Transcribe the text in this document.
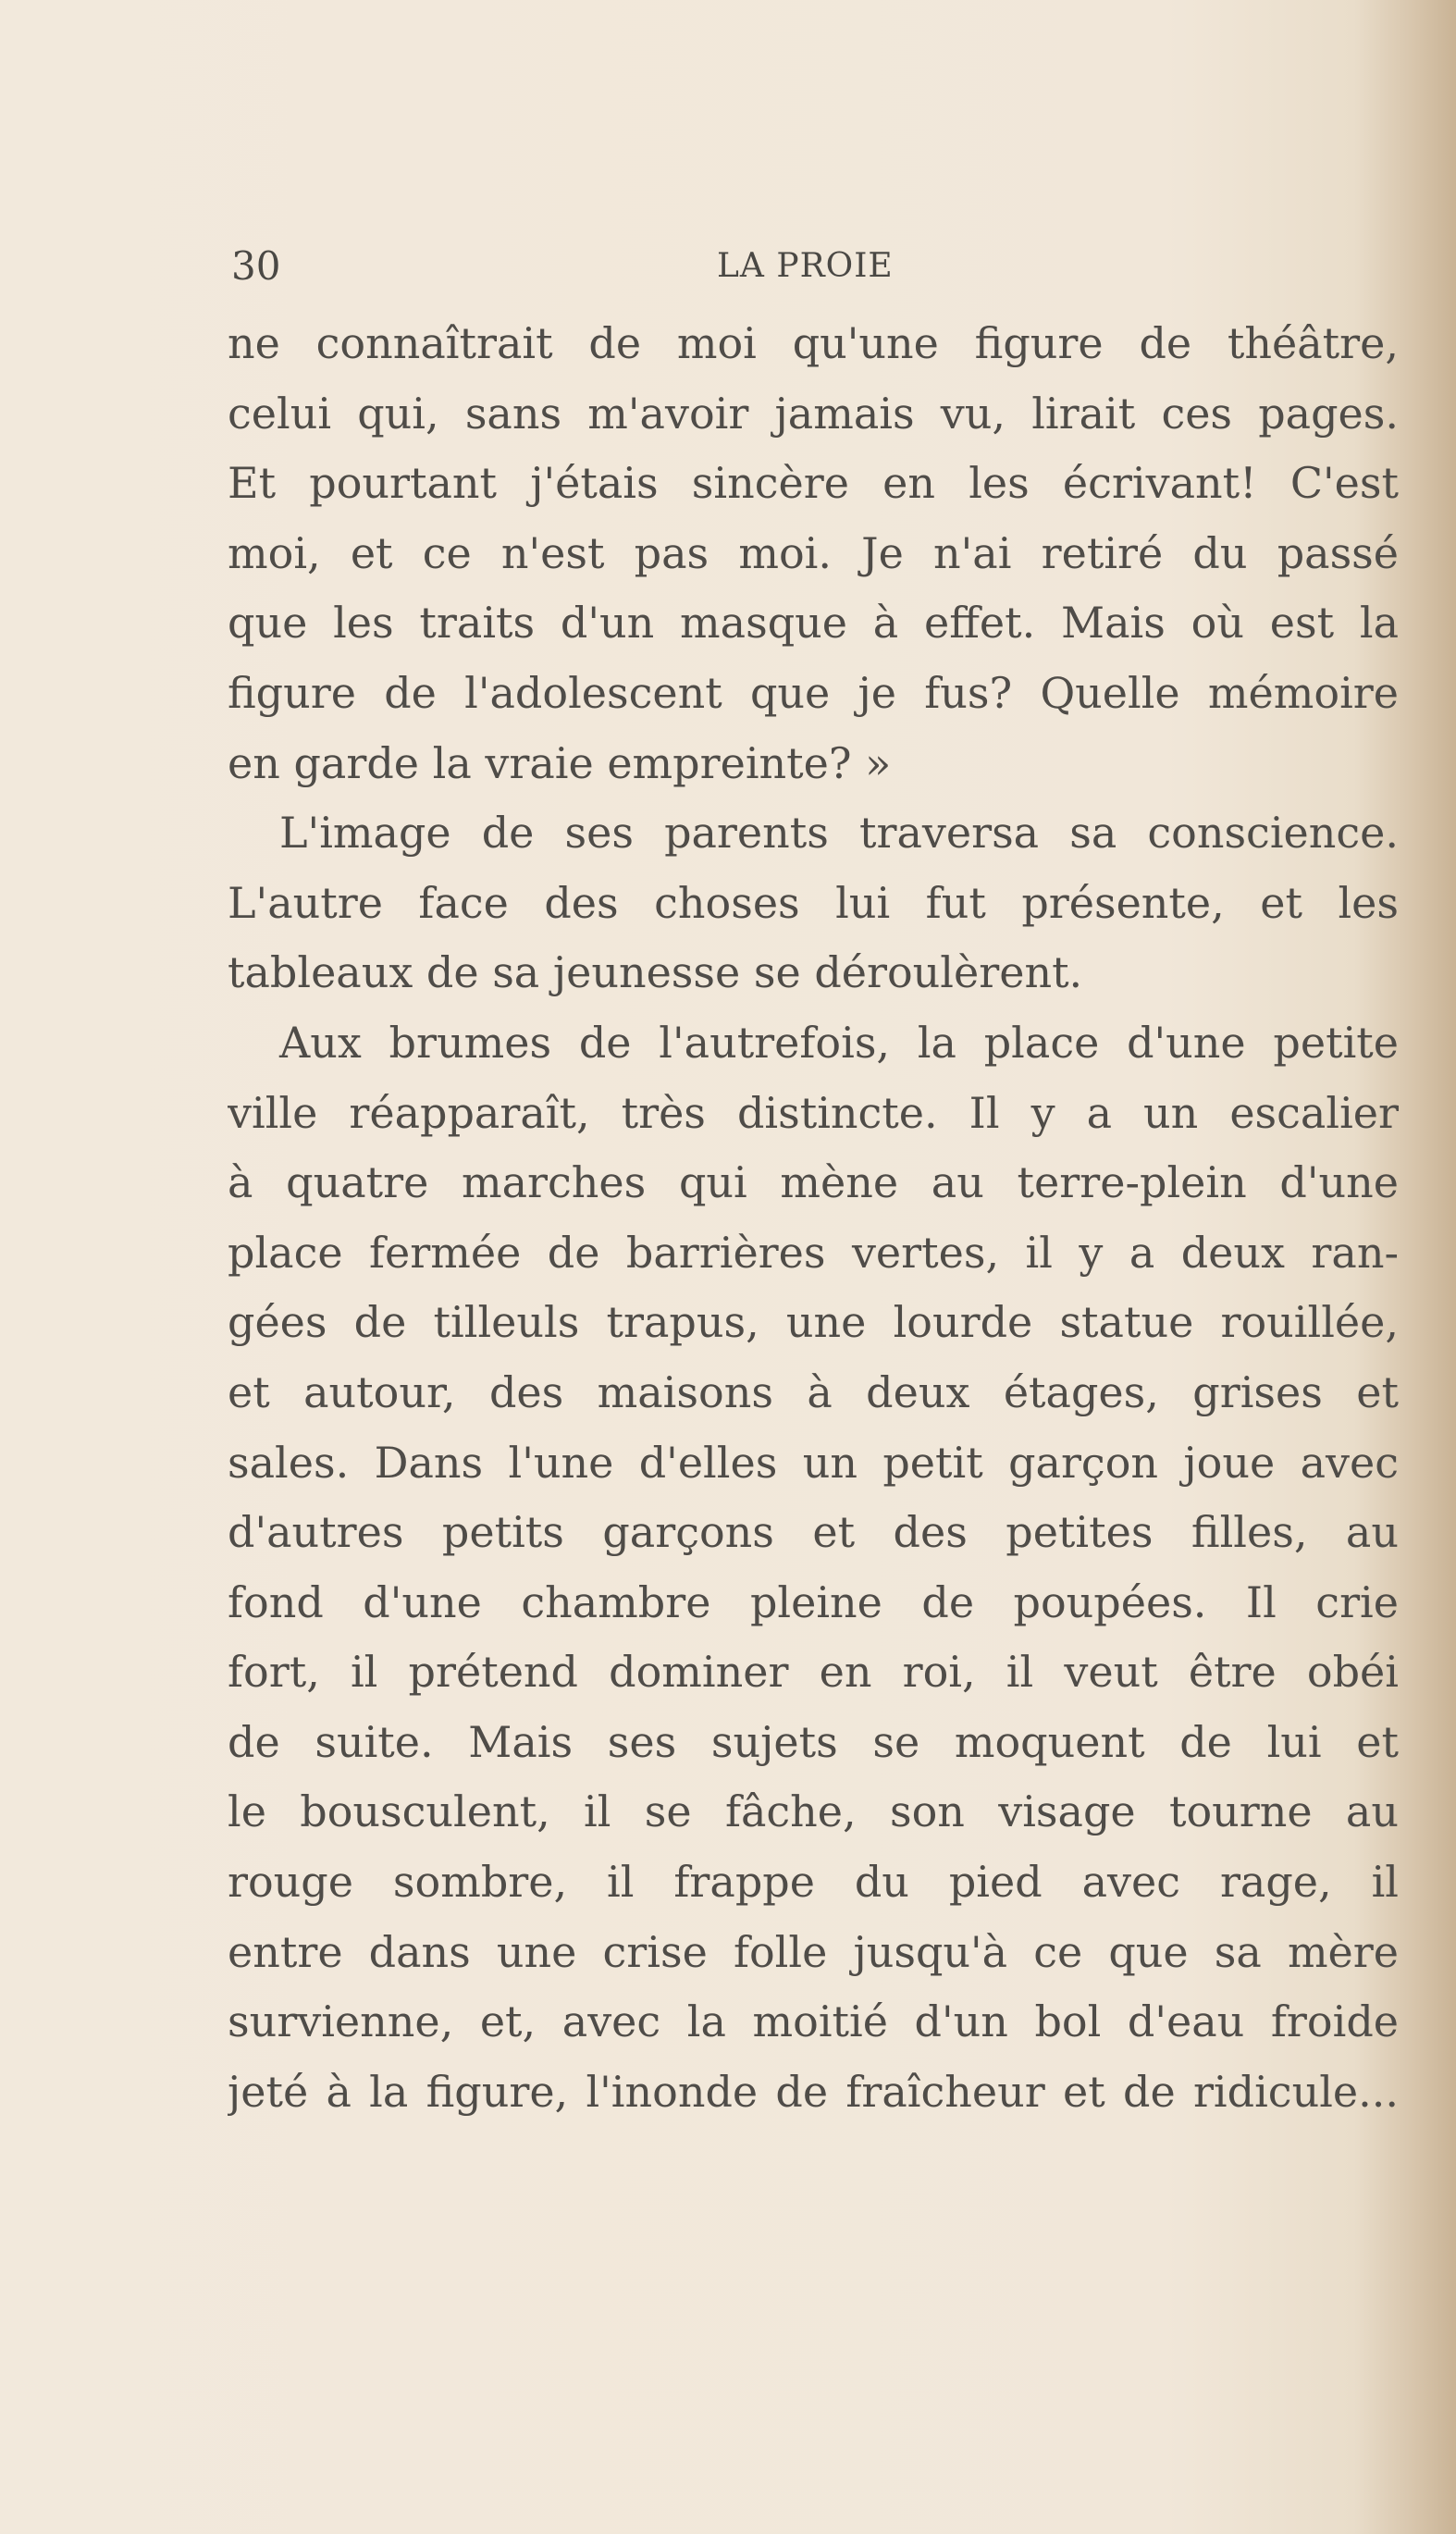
30	LA PROIE
ne connaîtrait de moi qu'une figure de théâtre,
celui qui, sans m'avoir jamais vu, lirait ces pages.
Et pourtant j'étais sincère en les écrivant! C'est
moi, et ce n'est pas moi. Je n'ai retiré du passé
que les traits d'un masque à effet. Mais où est la
figure de l'adolescent que je fus? Quelle mémoire
en garde la vraie empreinte? »
L'image de ses parents traversa sa conscience.
L'autre face des choses lui fut présente, et les
tableaux de sa jeunesse se déroulèrent.
Aux brumes de l'autrefois, la place d'une petite
ville réapparaît, très distincte. Il y a un escalier
à quatre marches qui mène au terre-plein d'une
place fermée de barrières vertes, il y a deux ran-
gées de tilleuls trapus, une lourde statue rouillée,
et autour, des maisons à deux étages, grises et
sales. Dans l'une d'elles un petit garçon joue avec
d'autres petits garçons et des petites filles, au
fond d'une chambre pleine de poupées. Il crie
fort, il prétend dominer en roi, il veut être obéi
de suite. Mais ses sujets se moquent de lui et
le bousculent, il se fâche, son visage tourne au
rouge sombre, il frappe du pied avec rage, il
entre dans une crise folle jusqu'à ce que sa mère
survienne, et, avec la moitié d'un bol d'eau froide
jeté à la figure, l'inonde de fraîcheur et de ridicule...
